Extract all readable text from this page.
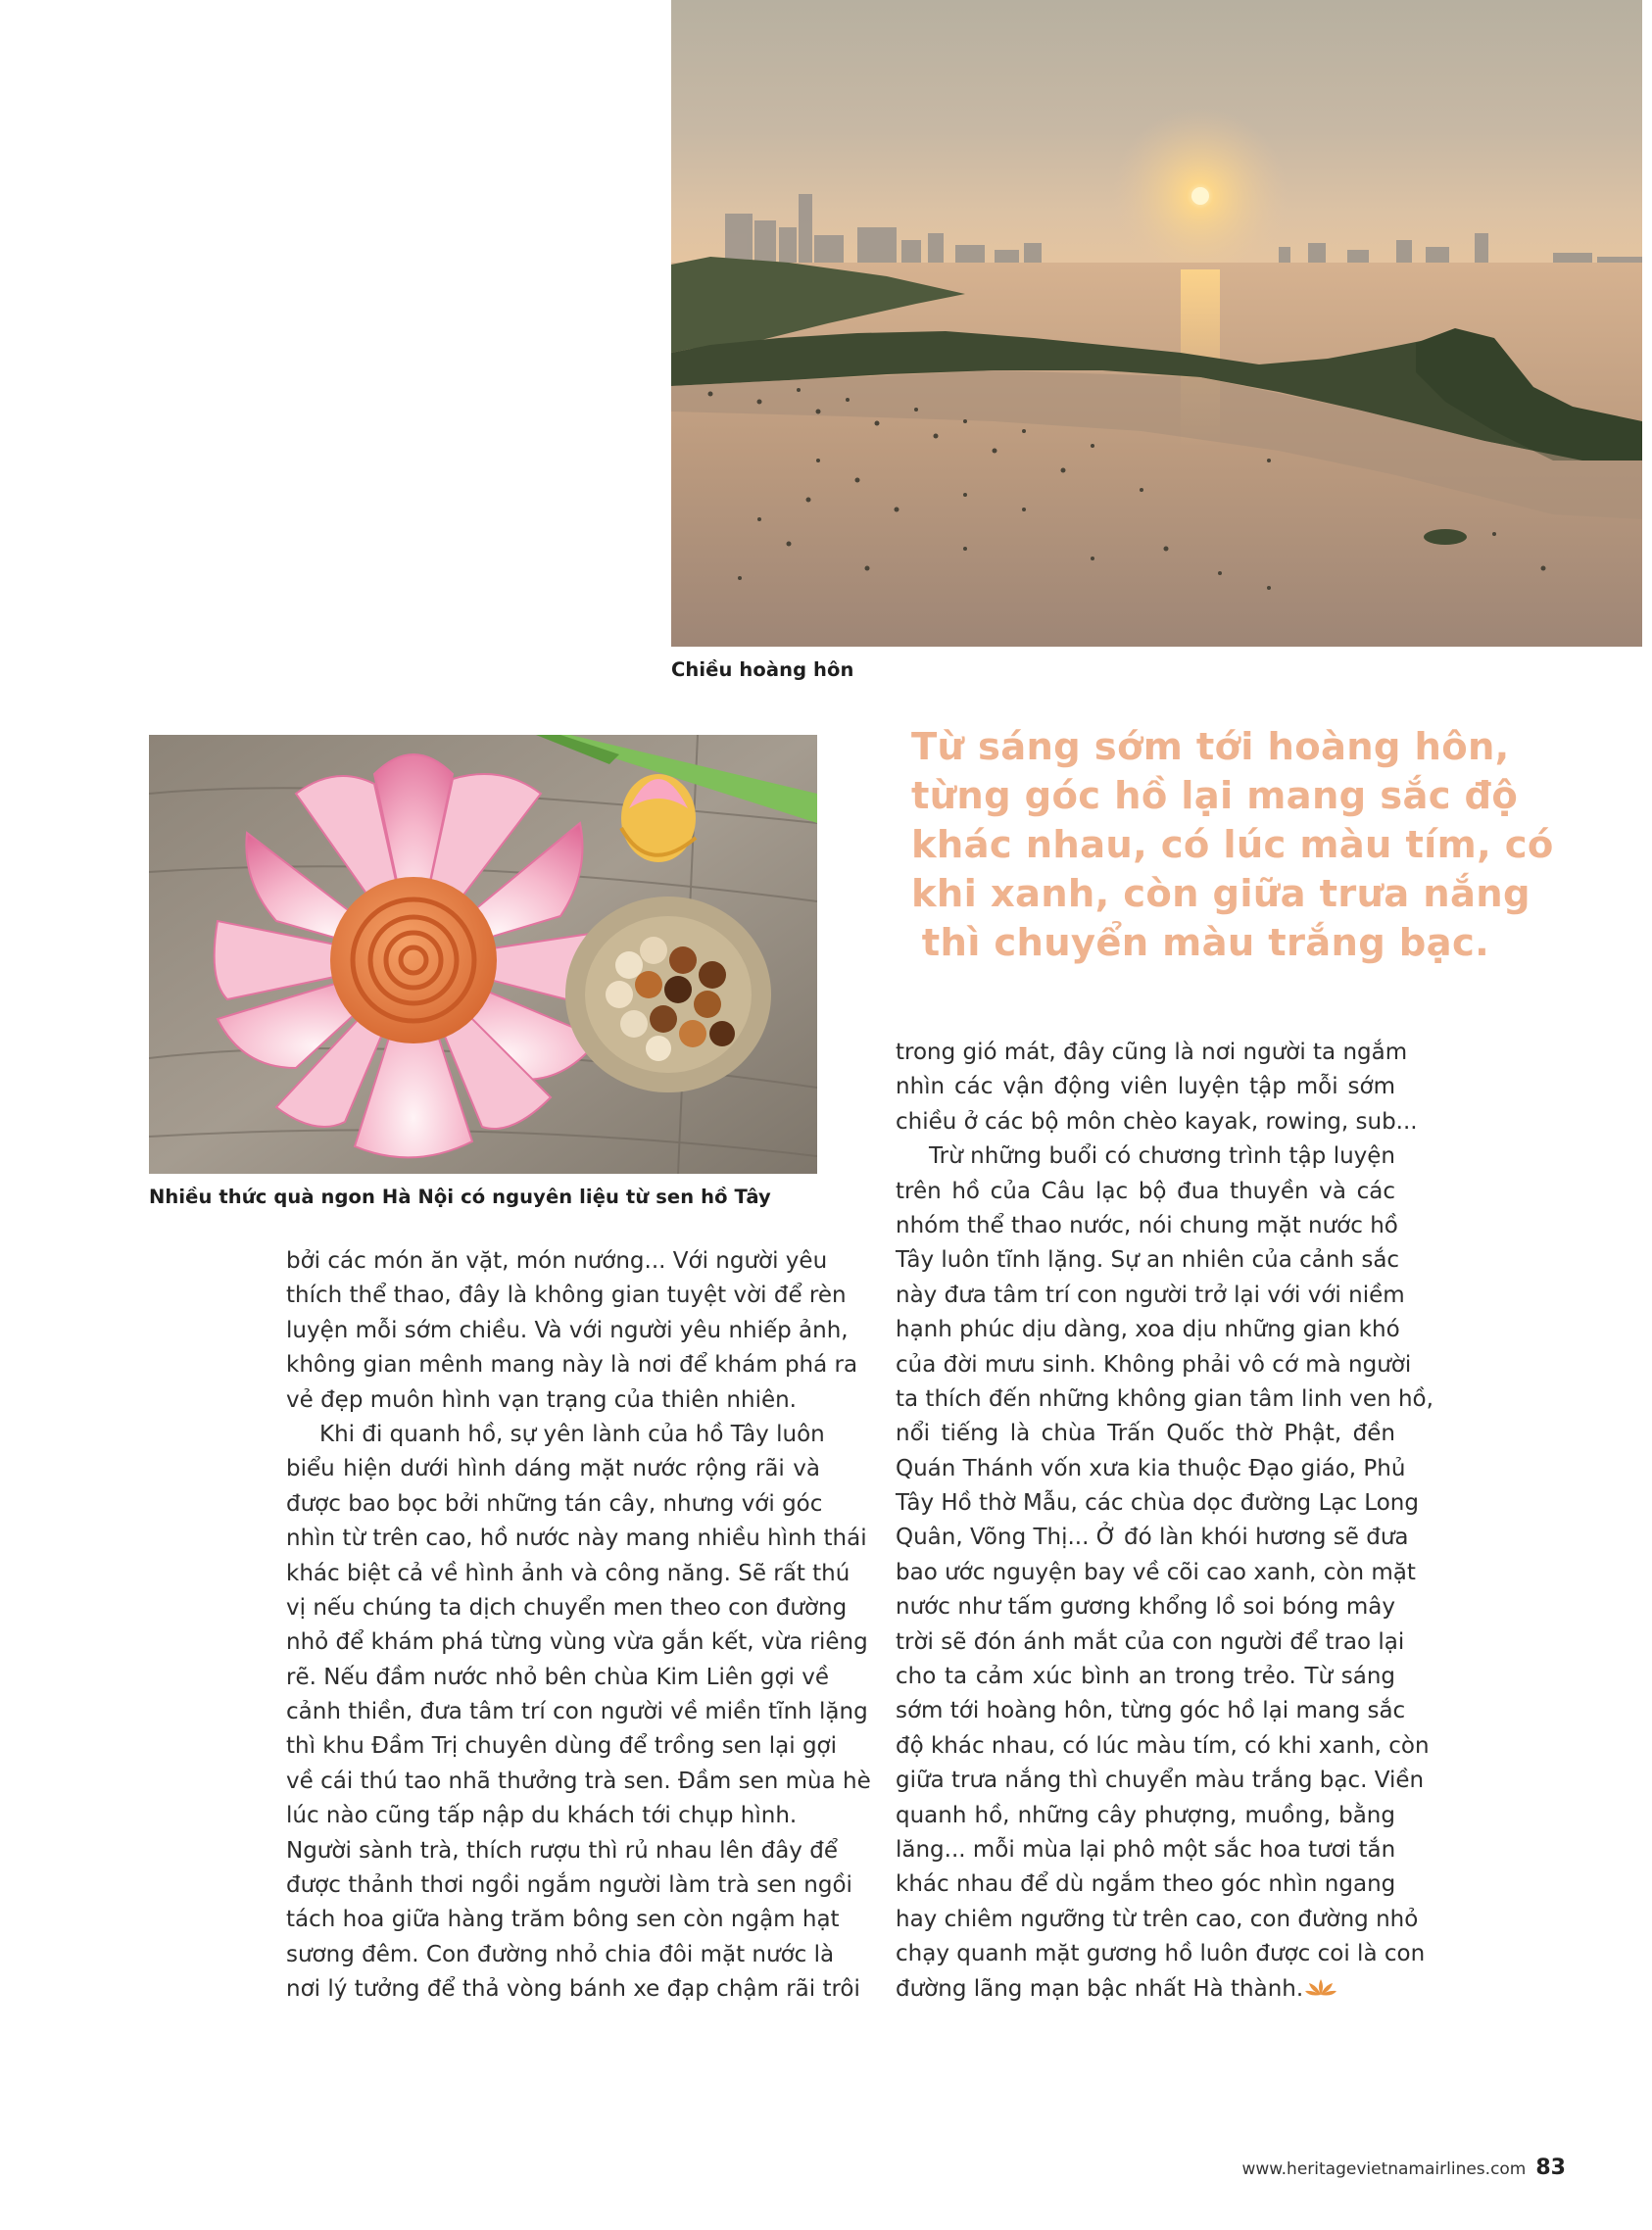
Chiều hoàng hôn
Nhiều thức quà ngon Hà Nội có nguyên liệu từ sen hồ Tây
Từ sáng sớm tới hoàng hôn,
từng góc hồ lại mang sắc độ
khác nhau, có lúc màu tím, có
khi xanh, còn giữa trưa nắng
thì chuyển màu trắng bạc.
bởi các món ăn vặt, món nướng... Với người yêu
thích thể thao, đây là không gian tuyệt vời để rèn
luyện mỗi sớm chiều. Và với người yêu nhiếp ảnh,
không gian mênh mang này là nơi để khám phá ra
vẻ đẹp muôn hình vạn trạng của thiên nhiên.
Khi đi quanh hồ, sự yên lành của hồ Tây luôn
biểu hiện dưới hình dáng mặt nước rộng rãi và
được bao bọc bởi những tán cây, nhưng với góc
nhìn từ trên cao, hồ nước này mang nhiều hình thái
khác biệt cả về hình ảnh và công năng. Sẽ rất thú
vị nếu chúng ta dịch chuyển men theo con đường
nhỏ để khám phá từng vùng vừa gắn kết, vừa riêng
rẽ. Nếu đầm nước nhỏ bên chùa Kim Liên gợi về
cảnh thiền, đưa tâm trí con người về miền tĩnh lặng
thì khu Đầm Trị chuyên dùng để trồng sen lại gợi
về cái thú tao nhã thưởng trà sen. Đầm sen mùa hè
lúc nào cũng tấp nập du khách tới chụp hình.
Người sành trà, thích rượu thì rủ nhau lên đây để
được thảnh thơi ngồi ngắm người làm trà sen ngồi
tách hoa giữa hàng trăm bông sen còn ngậm hạt
sương đêm. Con đường nhỏ chia đôi mặt nước là
nơi lý tưởng để thả vòng bánh xe đạp chậm rãi trôi
trong gió mát, đây cũng là nơi người ta ngắm
nhìn các vận động viên luyện tập mỗi sớm
chiều ở các bộ môn chèo kayak, rowing, sub...
Trừ những buổi có chương trình tập luyện
trên hồ của Câu lạc bộ đua thuyền và các
nhóm thể thao nước, nói chung mặt nước hồ
Tây luôn tĩnh lặng. Sự an nhiên của cảnh sắc
này đưa tâm trí con người trở lại với với niềm
hạnh phúc dịu dàng, xoa dịu những gian khó
của đời mưu sinh. Không phải vô cớ mà người
ta thích đến những không gian tâm linh ven hồ,
nổi tiếng là chùa Trấn Quốc thờ Phật, đền
Quán Thánh vốn xưa kia thuộc Đạo giáo, Phủ
Tây Hồ thờ Mẫu, các chùa dọc đường Lạc Long
Quân, Võng Thị... Ở đó làn khói hương sẽ đưa
bao ước nguyện bay về cõi cao xanh, còn mặt
nước như tấm gương khổng lồ soi bóng mây
trời sẽ đón ánh mắt của con người để trao lại
cho ta cảm xúc bình an trong trẻo. Từ sáng
sớm tới hoàng hôn, từng góc hồ lại mang sắc
độ khác nhau, có lúc màu tím, có khi xanh, còn
giữa trưa nắng thì chuyển màu trắng bạc. Viền
quanh hồ, những cây phượng, muồng, bằng
lăng... mỗi mùa lại phô một sắc hoa tươi tắn
khác nhau để dù ngắm theo góc nhìn ngang
hay chiêm ngưỡng từ trên cao, con đường nhỏ
chạy quanh mặt gương hồ luôn được coi là con
đường lãng mạn bậc nhất Hà thành.
www.heritagevietnamairlines.com 83
